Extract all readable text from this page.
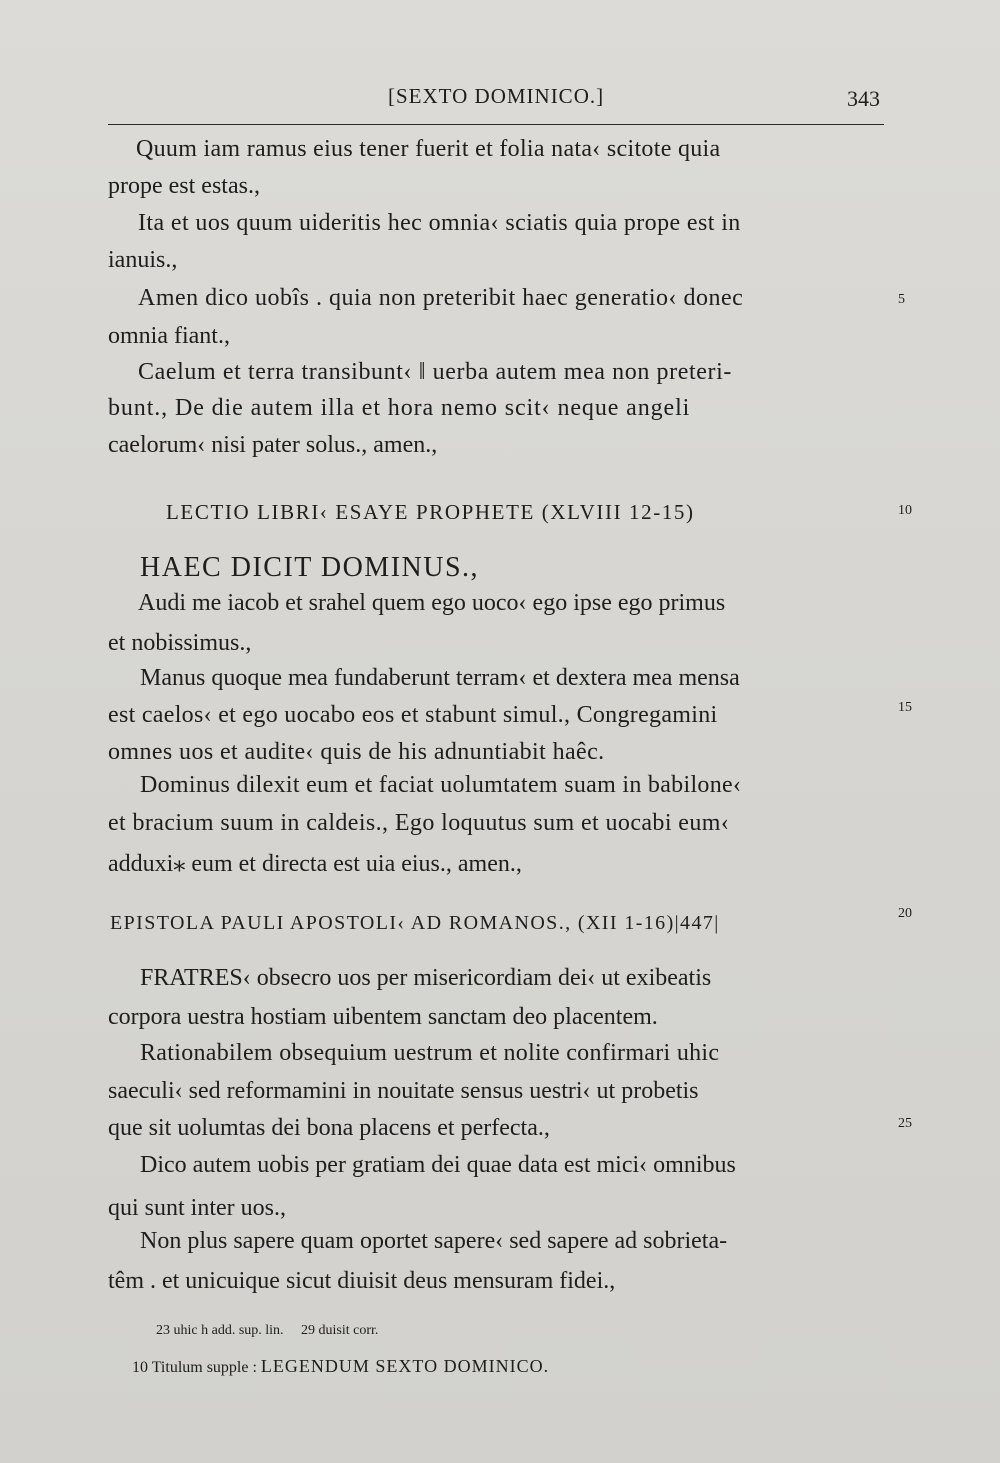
[SEXTO DOMINICO.]	343
Quum iam ramus eius tener fuerit et folia nata‹ scitote quia
prope est estas.,
Ita et uos quum uideritis hec omnia‹ sciatis quia prope est in
ianuis.,
Amen dico uobîs . quia non preteribit haec generatio‹ donec
omnia fiant.,
Caelum et terra transibunt‹ ‖ uerba autem mea non preteri-
bunt., De die autem illa et hora nemo scit‹ neque angeli
caelorum‹ nisi pater solus., amen.,
LECTIO LIBRI‹ ESAYE PROPHETE (XLVIII 12-15)
HAEC DICIT DOMINUS.,
Audi me iacob et srahel quem ego uoco‹ ego ipse ego primus
et nobissimus.,
Manus quoque mea fundaberunt terram‹ et dextera mea mensa
est caelos‹ et ego uocabo eos et stabunt simul., Congregamini
omnes uos et audite‹ quis de his adnuntiabit haêc.
Dominus dilexit eum et faciat uolumtatem suam in babilone‹
et bracium suum in caldeis., Ego loquutus sum et uocabi eum‹
adduxi⁎ eum et directa est uia eius., amen.,
EPISTOLA PAULI APOSTOLI‹ AD ROMANOS., (XII 1-16)|447|
FRATRES‹ obsecro uos per misericordiam dei‹ ut exibeatis
corpora uestra hostiam uibentem sanctam deo placentem.
Rationabilem obsequium uestrum et nolite confirmari uhic
saeculi‹ sed reformamini in nouitate sensus uestri‹ ut probetis
que sit uolumtas dei bona placens et perfecta.,
Dico autem uobis per gratiam dei quae data est mici‹ omnibus
qui sunt inter uos.,
Non plus sapere quam oportet sapere‹ sed sapere ad sobrieta-
têm . et unicuique sicut diuisit deus mensuram fidei.,
5
10
15
20
25
23 uhic h add. sup. lin.     29 duisit corr.
10 Titulum supple : LEGENDUM SEXTO DOMINICO.
